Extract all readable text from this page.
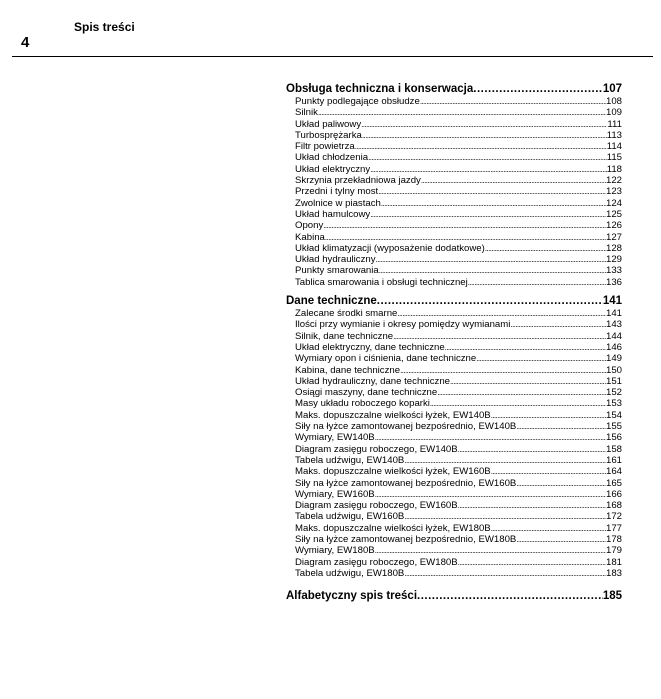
Spis treści
4
Obsługa techniczna i konserwacja .....	107
Punkty podlegające obsłudze .....	108
Silnik .....	109
Układ paliwowy .....	111
Turbosprężarka .....	113
Filtr powietrza .....	114
Układ chłodzenia .....	115
Układ elektryczny .....	118
Skrzynia przekładniowa jazdy .....	122
Przedni i tylny most .....	123
Zwolnice w piastach .....	124
Układ hamulcowy .....	125
Opony .....	126
Kabina .....	127
Układ klimatyzacji (wyposażenie dodatkowe) .....	128
Układ hydrauliczny .....	129
Punkty smarowania .....	133
Tablica smarowania i obsługi technicznej .....	136
Dane techniczne .....	141
Zalecane środki smarne .....	141
Ilości przy wymianie i okresy pomiędzy wymianami .....	143
Silnik, dane techniczne .....	144
Układ elektryczny, dane techniczne .....	146
Wymiary opon i ciśnienia, dane techniczne .....	149
Kabina, dane techniczne .....	150
Układ hydrauliczny, dane techniczne .....	151
Osiągi maszyny, dane techniczne .....	152
Masy układu roboczego koparki .....	153
Maks. dopuszczalne wielkości łyżek, EW140B .....	154
Siły na łyżce zamontowanej bezpośrednio, EW140B .....	155
Wymiary, EW140B .....	156
Diagram zasięgu roboczego, EW140B .....	158
Tabela udźwigu, EW140B .....	161
Maks. dopuszczalne wielkości łyżek, EW160B .....	164
Siły na łyżce zamontowanej bezpośrednio, EW160B .....	165
Wymiary, EW160B .....	166
Diagram zasięgu roboczego, EW160B .....	168
Tabela udźwigu, EW160B .....	172
Maks. dopuszczalne wielkości łyżek, EW180B .....	177
Siły na łyżce zamontowanej bezpośrednio, EW180B .....	178
Wymiary, EW180B .....	179
Diagram zasięgu roboczego, EW180B .....	181
Tabela udźwigu, EW180B .....	183
Alfabetyczny spis treści .....	185
